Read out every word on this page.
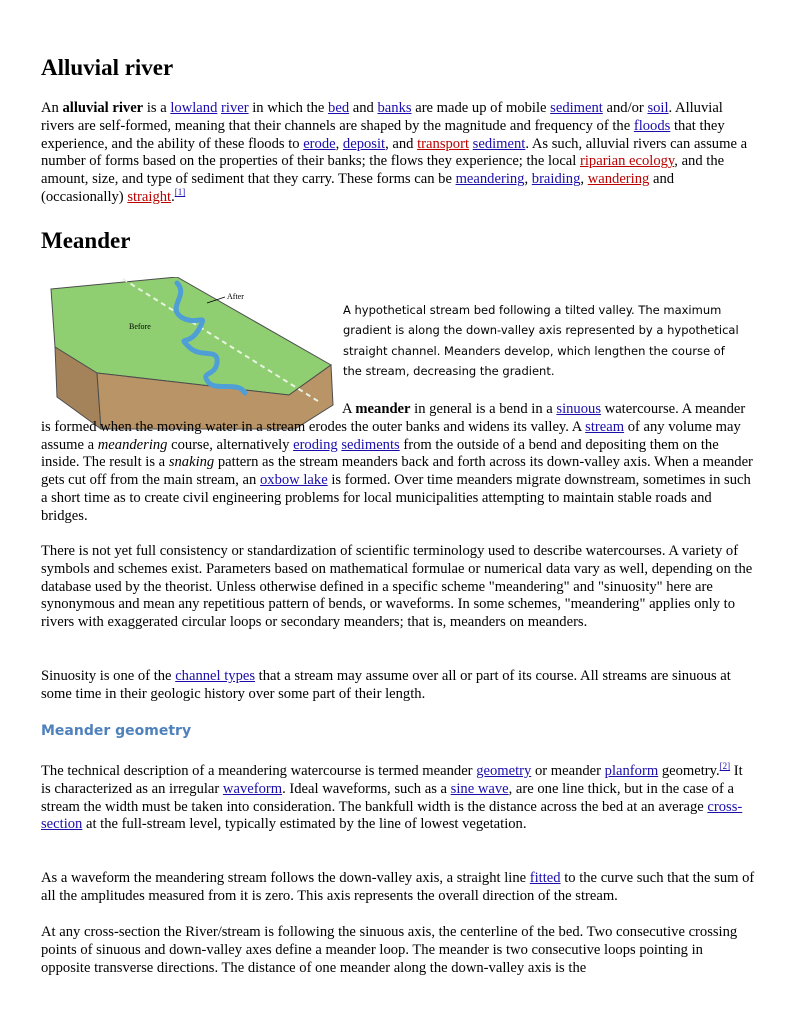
Alluvial river

An alluvial river is a lowland river in which the bed and banks are made up of mobile sediment and/or soil. Alluvial rivers are self-formed, meaning that their channels are shaped by the magnitude and frequency of the floods that they experience, and the ability of these floods to erode, deposit, and transport sediment. As such, alluvial rivers can assume a number of forms based on the properties of their banks; the flows they experience; the local riparian ecology, and the amount, size, and type of sediment that they carry. These forms can be meandering, braiding, wandering and (occasionally) straight.[1]

Meander
After
Before

A hypothetical stream bed following a tilted valley. The maximum gradient is along the down-valley axis represented by a hypothetical straight channel. Meanders develop, which lengthen the course of the stream, decreasing the gradient.

A meander in general is a bend in a sinuous watercourse. A meander is formed when the moving water in a stream erodes the outer banks and widens its valley. A stream of any volume may assume a meandering course, alternatively eroding sediments from the outside of a bend and depositing them on the inside. The result is a snaking pattern as the stream meanders back and forth across its down-valley axis. When a meander gets cut off from the main stream, an oxbow lake is formed. Over time meanders migrate downstream, sometimes in such a short time as to create civil engineering problems for local municipalities attempting to maintain stable roads and bridges.

There is not yet full consistency or standardization of scientific terminology used to describe watercourses. A variety of symbols and schemes exist. Parameters based on mathematical formulae or numerical data vary as well, depending on the database used by the theorist. Unless otherwise defined in a specific scheme "meandering" and "sinuosity" here are synonymous and mean any repetitious pattern of bends, or waveforms. In some schemes, "meandering" applies only to rivers with exaggerated circular loops or secondary meanders; that is, meanders on meanders.

Sinuosity is one of the channel types that a stream may assume over all or part of its course. All streams are sinuous at some time in their geologic history over some part of their length.

Meander geometry

The technical description of a meandering watercourse is termed meander geometry or meander planform geometry.[2] It is characterized as an irregular waveform. Ideal waveforms, such as a sine wave, are one line thick, but in the case of a stream the width must be taken into consideration. The bankfull width is the distance across the bed at an average cross-section at the full-stream level, typically estimated by the line of lowest vegetation.

As a waveform the meandering stream follows the down-valley axis, a straight line fitted to the curve such that the sum of all the amplitudes measured from it is zero. This axis represents the overall direction of the stream.

At any cross-section the River/stream is following the sinuous axis, the centerline of the bed. Two consecutive crossing points of sinuous and down-valley axes define a meander loop. The meander is two consecutive loops pointing in opposite transverse directions. The distance of one meander along the down-valley axis is the
